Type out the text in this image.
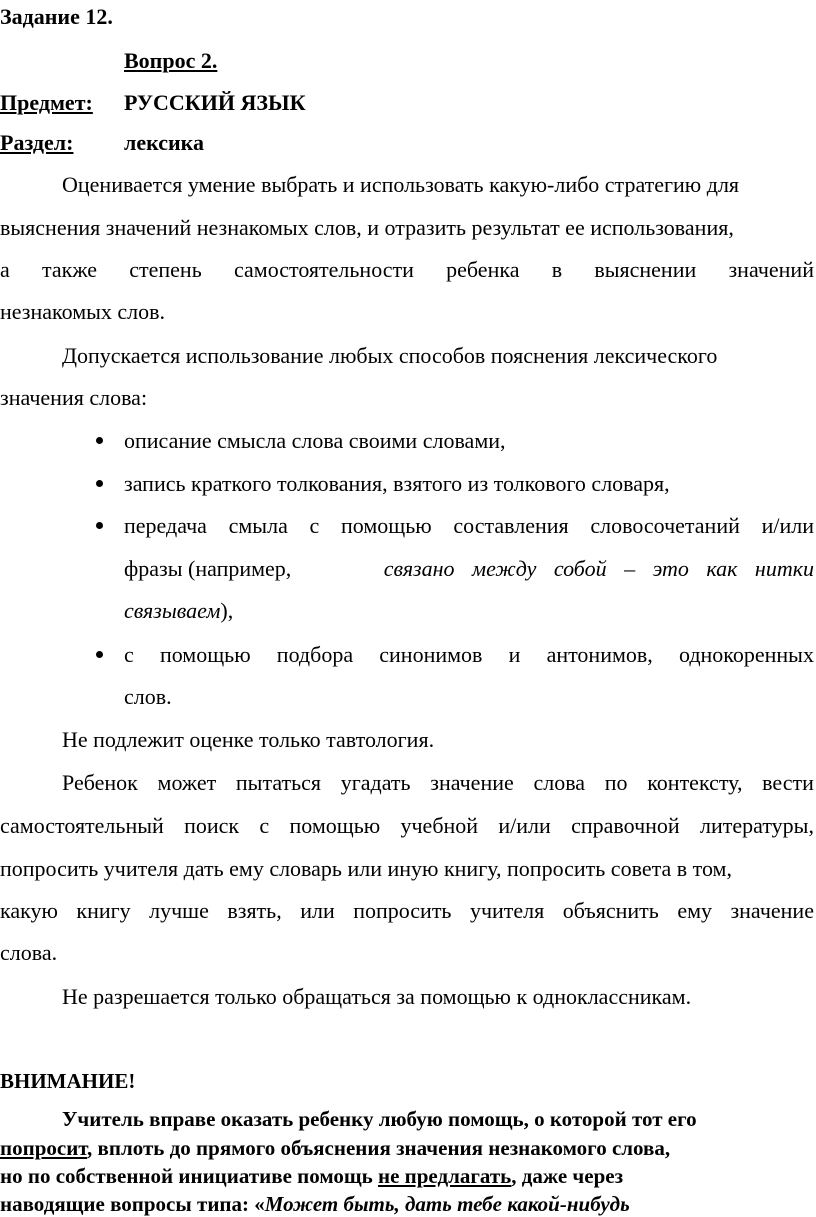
Задание 12.
Вопрос 2.
Предмет: РУССКИЙ ЯЗЫК
Раздел: лексика
Оценивается умение выбрать и использовать какую-либо стратегию для
выяснения значений незнакомых слов, и отразить результат ее использования,
а также степень самостоятельности ребенка в выяснении значений
незнакомых слов.
Допускается использование любых способов пояснения лексического
значения слова:
описание смысла слова своими словами,
запись краткого толкования, взятого из толкового словаря,
передача смыла с помощью составления словосочетаний и/или
фразы (например,	связано между собой – это как нитки
связываем),
с помощью подбора синонимов и антонимов, однокоренных
слов.
Не подлежит оценке только тавтология.
Ребенок может пытаться угадать значение слова по контексту, вести
самостоятельный поиск с помощью учебной и/или справочной литературы,
попросить учителя дать ему словарь или иную книгу, попросить совета в том,
какую книгу лучше взять, или попросить учителя объяснить ему значение
слова.
Не разрешается только обращаться за помощью к одноклассникам.
ВНИМАНИЕ!
Учитель вправе оказать ребенку любую помощь, о которой тот его
попросит, вплоть до прямого объяснения значения незнакомого слова,
но по собственной инициативе помощь не предлагать, даже через
наводящие вопросы типа: «Может быть, дать тебе какой-нибудь
